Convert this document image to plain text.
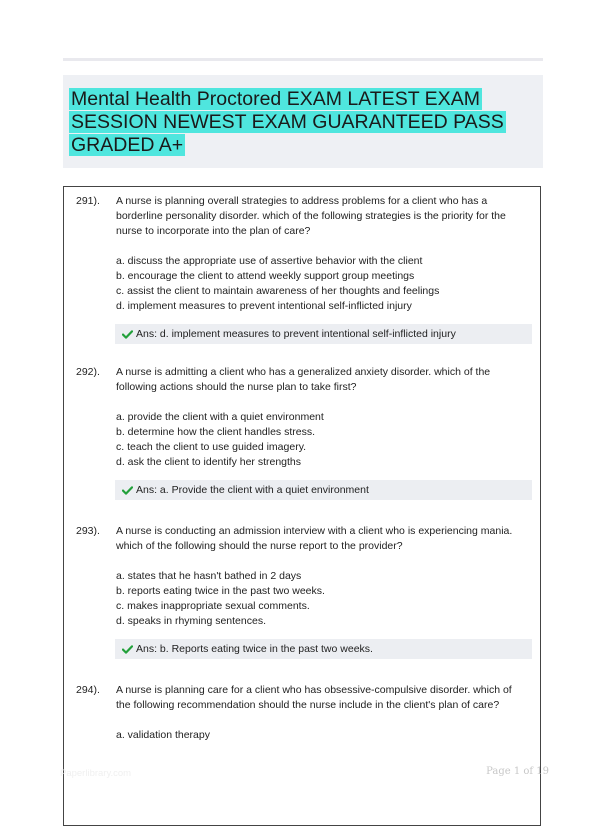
Mental Health Proctored EXAM LATEST EXAM SESSION NEWEST EXAM GUARANTEED PASS GRADED A+
291). A nurse is planning overall strategies to address problems for a client who has a borderline personality disorder. which of the following strategies is the priority for the nurse to incorporate into the plan of care?
a. discuss the appropriate use of assertive behavior with the client
b. encourage the client to attend weekly support group meetings
c. assist the client to maintain awareness of her thoughts and feelings
d. implement measures to prevent intentional self-inflicted injury
Ans: d. implement measures to prevent intentional self-inflicted injury
292). A nurse is admitting a client who has a generalized anxiety disorder. which of the following actions should the nurse plan to take first?
a. provide the client with a quiet environment
b. determine how the client handles stress.
c. teach the client to use guided imagery.
d. ask the client to identify her strengths
Ans: a. Provide the client with a quiet environment
293). A nurse is conducting an admission interview with a client who is experiencing mania. which of the following should the nurse report to the provider?
a. states that he hasn't bathed in 2 days
b. reports eating twice in the past two weeks.
c. makes inappropriate sexual comments.
d. speaks in rhyming sentences.
Ans: b. Reports eating twice in the past two weeks.
294). A nurse is planning care for a client who has obsessive-compulsive disorder. which of the following recommendation should the nurse include in the client's plan of care?
a. validation therapy
Paperlibrary.com	Page 1 of 19
